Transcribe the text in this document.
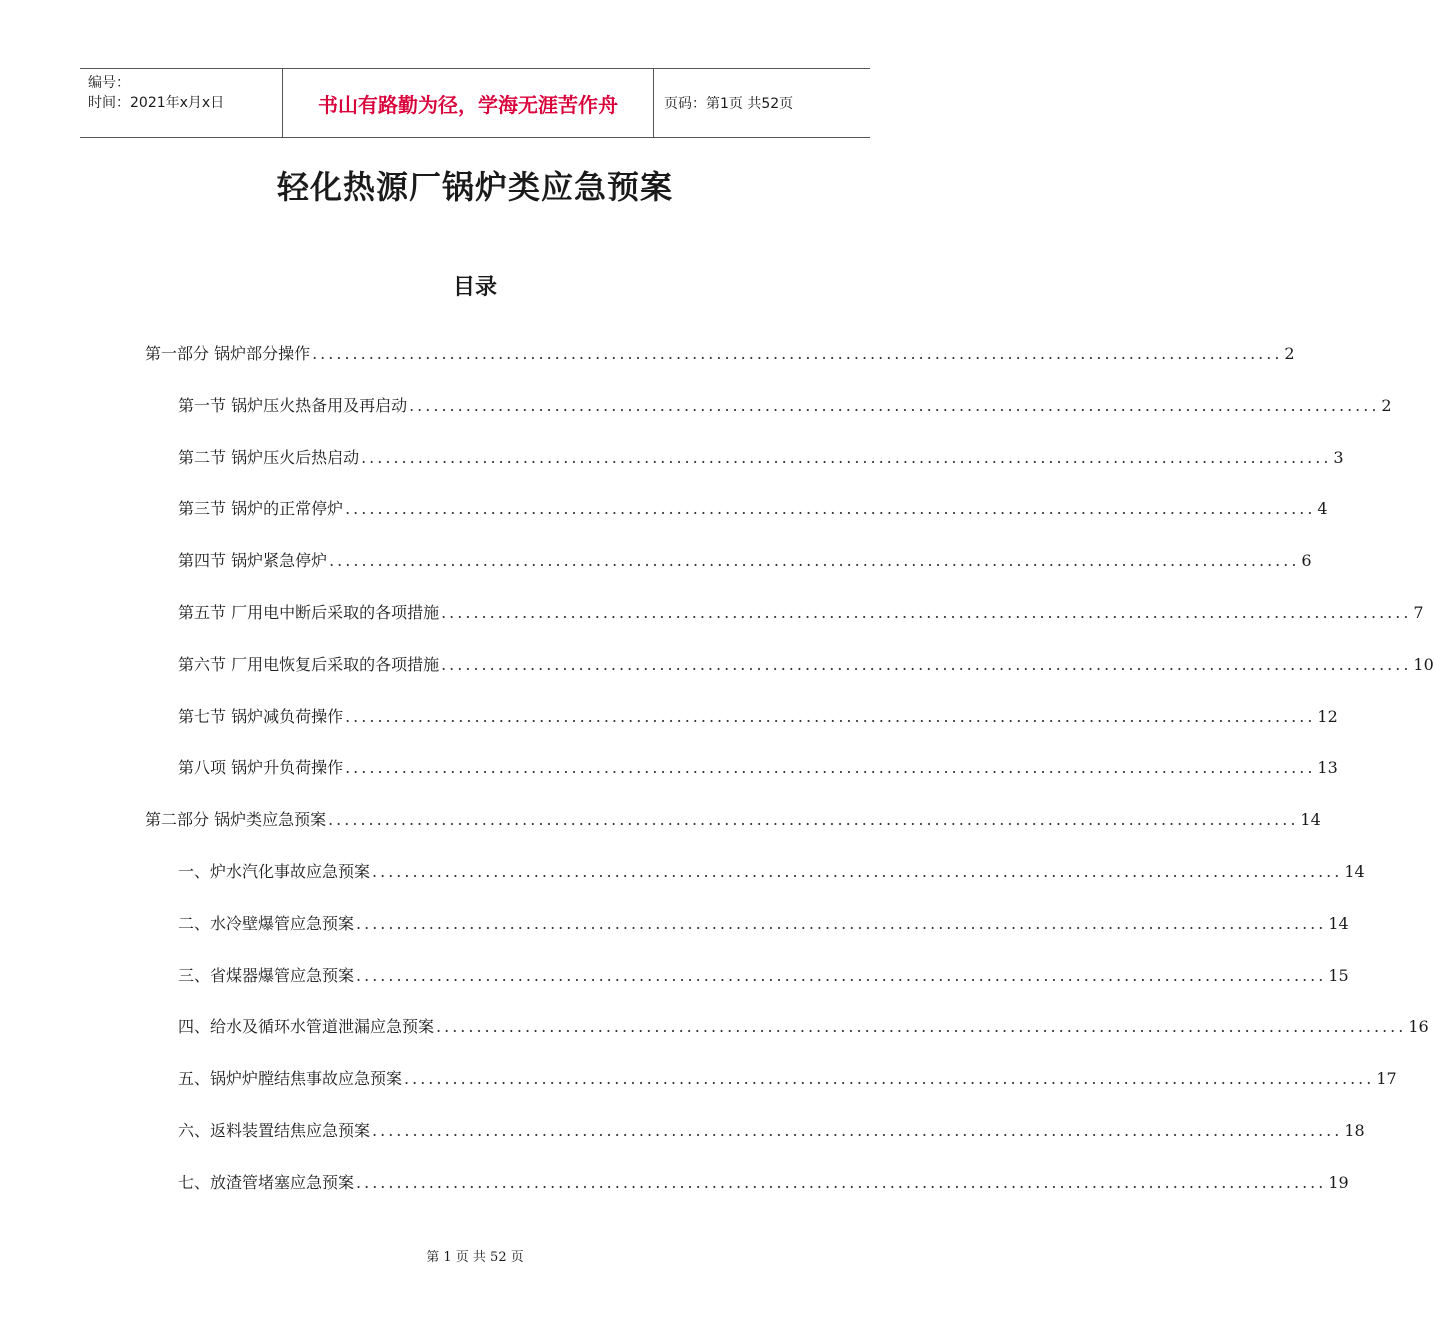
编号：
时间：2021年x月x日	书山有路勤为径，学海无涯苦作舟	页码：第1页 共52页
轻化热源厂锅炉类应急预案
目录
第一部分 锅炉部分操作 ........................................................................................................................ 2
第一节 锅炉压火热备用及再启动 ........................................................................................................................ 2
第二节 锅炉压火后热启动 ........................................................................................................................ 3
第三节 锅炉的正常停炉 ........................................................................................................................ 4
第四节 锅炉紧急停炉 ........................................................................................................................ 6
第五节 厂用电中断后采取的各项措施 ........................................................................................................................ 7
第六节 厂用电恢复后采取的各项措施 ........................................................................................................................ 10
第七节 锅炉减负荷操作 ........................................................................................................................ 12
第八项 锅炉升负荷操作 ........................................................................................................................ 13
第二部分 锅炉类应急预案 ........................................................................................................................ 14
一、炉水汽化事故应急预案 ........................................................................................................................ 14
二、水冷壁爆管应急预案 ........................................................................................................................ 14
三、省煤器爆管应急预案 ........................................................................................................................ 15
四、给水及循环水管道泄漏应急预案 ........................................................................................................................ 16
五、锅炉炉膛结焦事故应急预案 ........................................................................................................................ 17
六、返料装置结焦应急预案 ........................................................................................................................ 18
七、放渣管堵塞应急预案 ........................................................................................................................ 19
第 1 页 共 52 页
